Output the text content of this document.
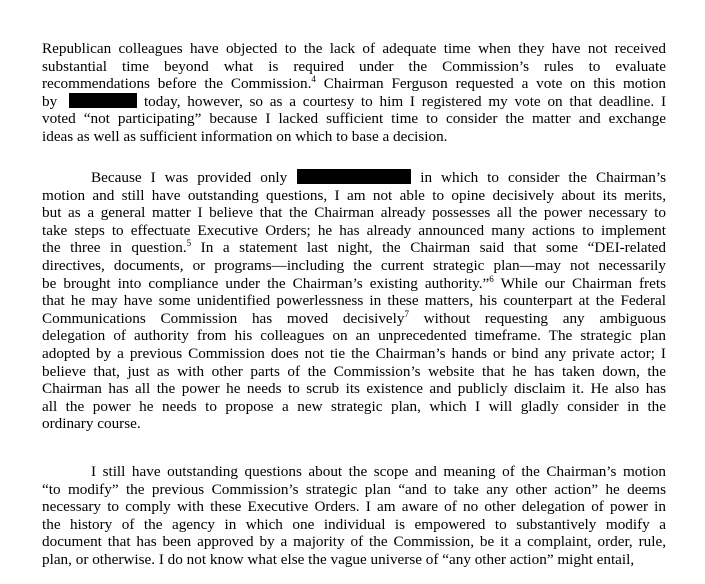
Republican colleagues have objected to the lack of adequate time when they have not received
substantial time beyond what is required under the Commission’s rules to evaluate
recommendations before the Commission.$^4$ Chairman Ferguson requested a vote on this motion
by	today, however, so as a courtesy to him I registered my vote on that deadline. I
voted “not participating” because I lacked sufficient time to consider the matter and exchange
ideas as well as sufficient information on which to base a decision.
Because I was provided only	in which to consider the Chairman’s
motion and still have outstanding questions, I am not able to opine decisively about its merits,
but as a general matter I believe that the Chairman already possesses all the power necessary to
take steps to effectuate Executive Orders; he has already announced many actions to implement
the three in question.$^5$ In a statement last night, the Chairman said that some “DEI-related
directives, documents, or programs—including the current strategic plan—may not necessarily
be brought into compliance under the Chairman’s existing authority.”$^6$ While our Chairman frets
that he may have some unidentified powerlessness in these matters, his counterpart at the Federal
Communications Commission has moved decisively$^7$ without requesting any ambiguous
delegation of authority from his colleagues on an unprecedented timeframe. The strategic plan
adopted by a previous Commission does not tie the Chairman’s hands or bind any private actor; I
believe that, just as with other parts of the Commission’s website that he has taken down, the
Chairman has all the power he needs to scrub its existence and publicly disclaim it. He also has
all the power he needs to propose a new strategic plan, which I will gladly consider in the
ordinary course.
I still have outstanding questions about the scope and meaning of the Chairman’s motion
“to modify” the previous Commission’s strategic plan “and to take any other action” he deems
necessary to comply with these Executive Orders. I am aware of no other delegation of power in
the history of the agency in which one individual is empowered to substantively modify a
document that has been approved by a majority of the Commission, be it a complaint, order, rule,
plan, or otherwise. I do not know what else the vague universe of “any other action” might entail,
